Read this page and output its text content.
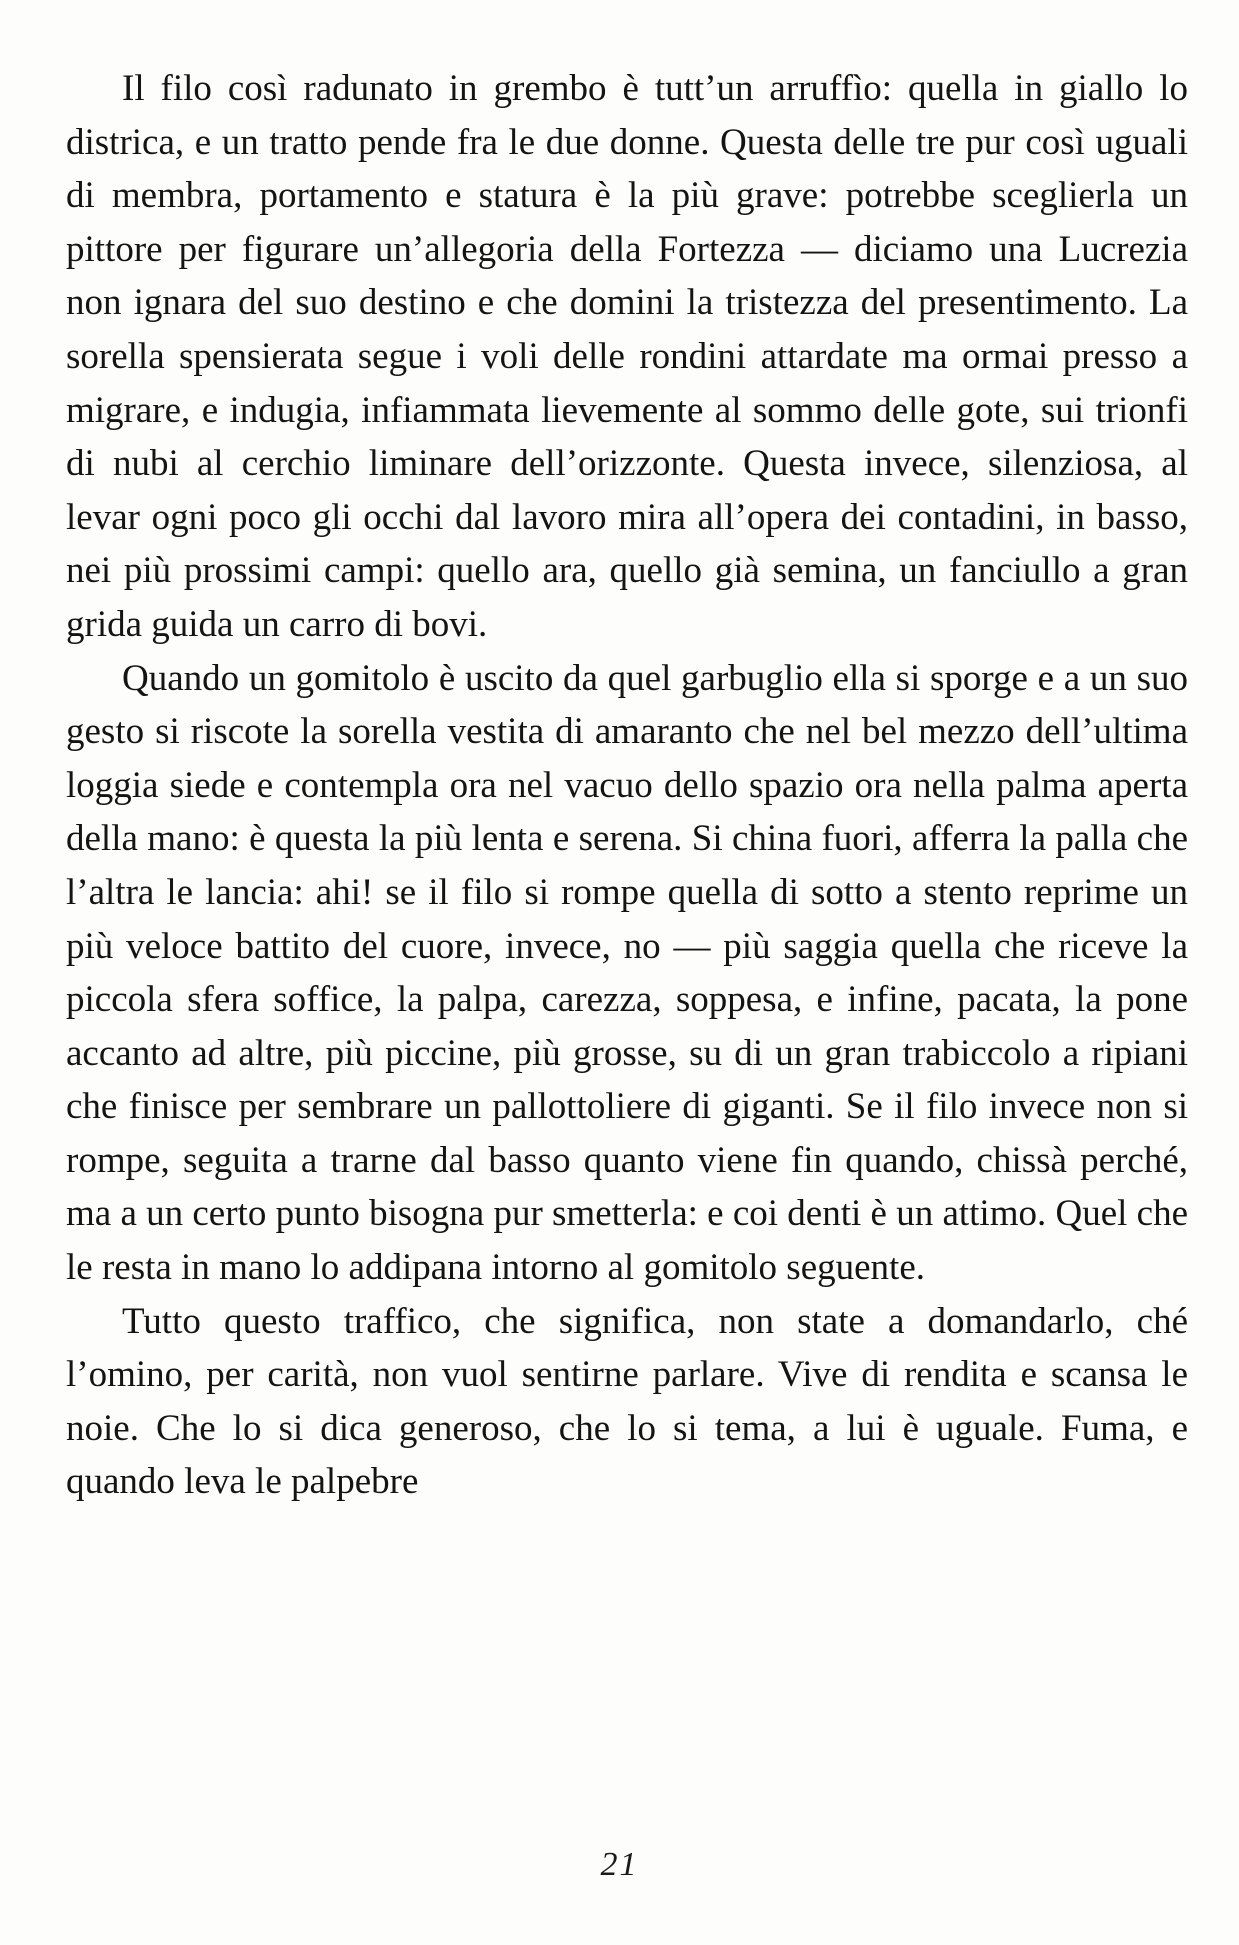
Il filo così radunato in grembo è tutt’un arruffìo: quella in giallo lo districa, e un tratto pende fra le due donne. Questa delle tre pur così uguali di membra, portamento e statura è la più grave: potrebbe sceglierla un pittore per figurare un’allegoria della Fortezza — diciamo una Lucrezia non ignara del suo destino e che domini la tristezza del presentimento. La sorella spensierata segue i voli delle rondini attardate ma ormai presso a migrare, e indugia, infiammata lievemente al sommo delle gote, sui trionfi di nubi al cerchio liminare dell’orizzonte. Questa invece, silenziosa, al levar ogni poco gli occhi dal lavoro mira all’opera dei contadini, in basso, nei più prossimi campi: quello ara, quello già semina, un fanciullo a gran grida guida un carro di bovi.

Quando un gomitolo è uscito da quel garbuglio ella si sporge e a un suo gesto si riscote la sorella vestita di amaranto che nel bel mezzo dell’ultima loggia siede e contempla ora nel vacuo dello spazio ora nella palma aperta della mano: è questa la più lenta e serena. Si china fuori, afferra la palla che l’altra le lancia: ahi! se il filo si rompe quella di sotto a stento reprime un più veloce battito del cuore, invece, no — più saggia quella che riceve la piccola sfera soffice, la palpa, carezza, soppesa, e infine, pacata, la pone accanto ad altre, più piccine, più grosse, su di un gran trabiccolo a ripiani che finisce per sembrare un pallottoliere di giganti. Se il filo invece non si rompe, seguita a trarne dal basso quanto viene fin quando, chissà perché, ma a un certo punto bisogna pur smetterla: e coi denti è un attimo. Quel che le resta in mano lo addipana intorno al gomitolo seguente.

Tutto questo traffico, che significa, non state a domandarlo, ché l’omino, per carità, non vuol sentirne parlare. Vive di rendita e scansa le noie. Che lo si dica generoso, che lo si tema, a lui è uguale. Fuma, e quando leva le palpebre

21
